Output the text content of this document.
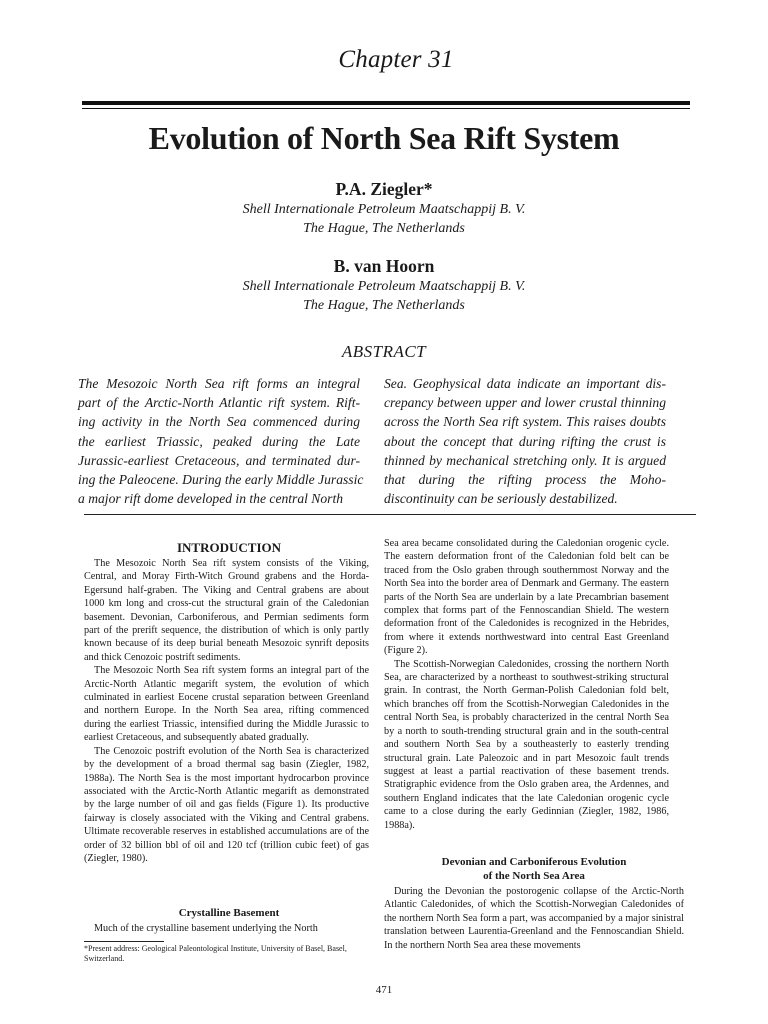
Chapter 31
Evolution of North Sea Rift System
P.A. Ziegler*
Shell Internationale Petroleum Maatschappij B. V.
The Hague, The Netherlands
B. van Hoorn
Shell Internationale Petroleum Maatschappij B. V.
The Hague, The Netherlands
ABSTRACT
The Mesozoic North Sea rift forms an integral
part of the Arctic-North Atlantic rift system. Rift-
ing activity in the North Sea commenced during
the earliest Triassic, peaked during the Late
Jurassic-earliest Cretaceous, and terminated dur-
ing the Paleocene. During the early Middle Jurassic
a major rift dome developed in the central North
Sea. Geophysical data indicate an important dis-
crepancy between upper and lower crustal thinning
across the North Sea rift system. This raises doubts
about the concept that during rifting the crust is
thinned by mechanical stretching only. It is argued
that during the rifting process the Moho-
discontinuity can be seriously destabilized.
INTRODUCTION

The Mesozoic North Sea rift system consists of the Viking, Central, and Moray Firth-Witch Ground grabens and the Horda-Egersund half-graben. The Viking and Central grabens are about 1000 km long and cross-cut the structural grain of the Caledonian basement. Devonian, Carboniferous, and Permian sediments form part of the prerift sequence, the distribution of which is only partly known because of its deep burial beneath Mesozoic synrift deposits and thick Cenozoic postrift sediments.

The Mesozoic North Sea rift system forms an integral part of the Arctic-North Atlantic megarift system, the evolution of which culminated in earliest Eocene crustal separation between Greenland and northern Europe. In the North Sea area, rifting commenced during the earliest Triassic, intensified during the Middle Jurassic to earliest Cretaceous, and subsequently abated gradually.

The Cenozoic postrift evolution of the North Sea is characterized by the development of a broad thermal sag basin (Ziegler, 1982, 1988a). The North Sea is the most important hydrocarbon province associated with the Arctic-North Atlantic megarift as demonstrated by the large number of oil and gas fields (Figure 1). Its productive fairway is closely associated with the Viking and Central grabens. Ultimate recoverable reserves in established accumulations are of the order of 32 billion bbl of oil and 120 tcf (trillion cubic feet) of gas (Ziegler, 1980).

Crystalline Basement
Much of the crystalline basement underlying the North
*Present address: Geological Paleontological Institute, University of Basel, Basel, Switzerland.

Sea area became consolidated during the Caledonian orogenic cycle. The eastern deformation front of the Caledonian fold belt can be traced from the Oslo graben through southernmost Norway and the North Sea into the border area of Denmark and Germany. The eastern parts of the North Sea are underlain by a late Precambrian basement complex that forms part of the Fennoscandian Shield. The western deformation front of the Caledonides is recognized in the Hebrides, from where it extends northwestward into central East Greenland (Figure 2).

The Scottish-Norwegian Caledonides, crossing the northern North Sea, are characterized by a northeast to southwest-striking structural grain. In contrast, the North German-Polish Caledonian fold belt, which branches off from the Scottish-Norwegian Caledonides in the central North Sea, is probably characterized in the central North Sea by a north to south-trending structural grain and in the south-central and southern North Sea by a southeasterly to easterly trending structural grain. Late Paleozoic and in part Mesozoic fault trends suggest at least a partial reactivation of these basement trends. Stratigraphic evidence from the Oslo graben area, the Ardennes, and southern England indicates that the late Caledonian orogenic cycle came to a close during the early Gedinnian (Ziegler, 1982, 1986, 1988a).

Devonian and Carboniferous Evolution
of the North Sea Area

During the Devonian the postorogenic collapse of the Arctic-North Atlantic Caledonides, of which the Scottish-Norwegian Caledonides of the northern North Sea form a part, was accompanied by a major sinistral translation between Laurentia-Greenland and the Fennoscandian Shield. In the northern North Sea area these movements

471
